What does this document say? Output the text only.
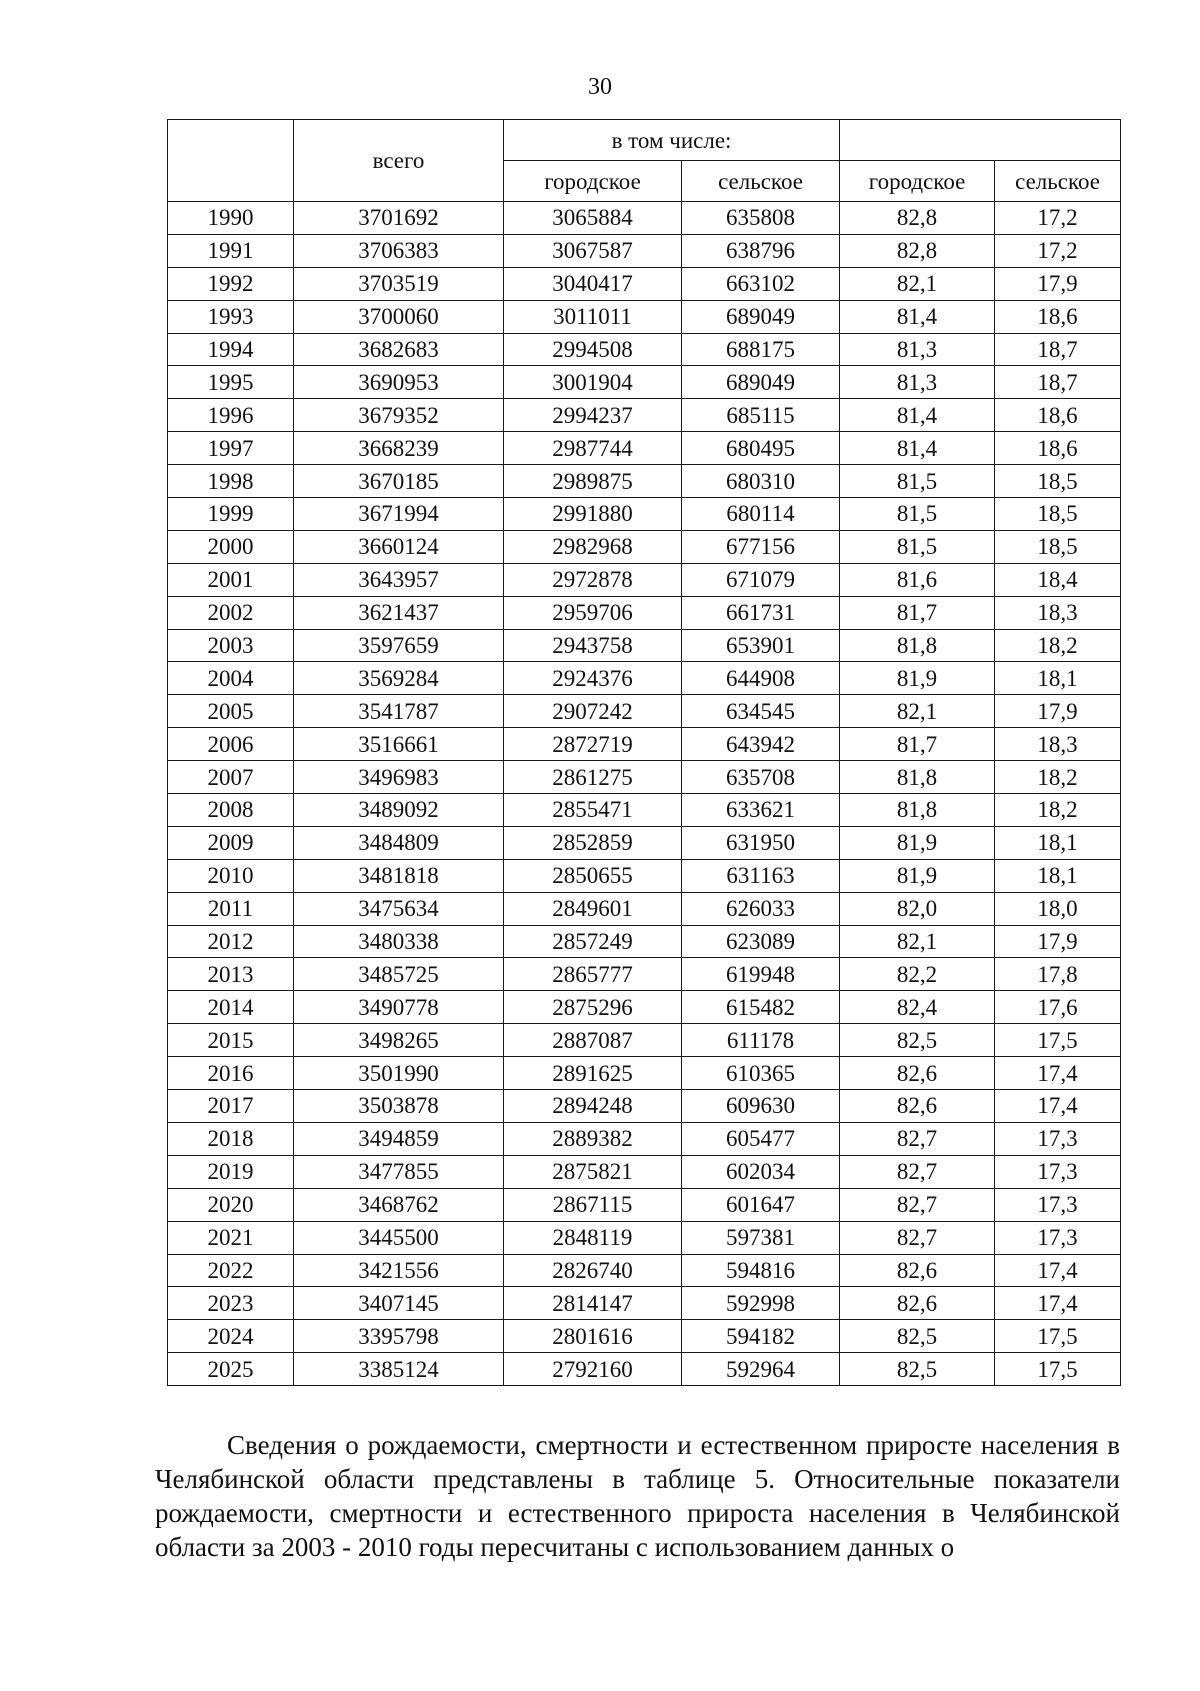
30
	всего	в том числе:			
		городское	сельское	городское	сельское
1990	3701692	3065884	635808	82,8	17,2
1991	3706383	3067587	638796	82,8	17,2
1992	3703519	3040417	663102	82,1	17,9
1993	3700060	3011011	689049	81,4	18,6
1994	3682683	2994508	688175	81,3	18,7
1995	3690953	3001904	689049	81,3	18,7
1996	3679352	2994237	685115	81,4	18,6
1997	3668239	2987744	680495	81,4	18,6
1998	3670185	2989875	680310	81,5	18,5
1999	3671994	2991880	680114	81,5	18,5
2000	3660124	2982968	677156	81,5	18,5
2001	3643957	2972878	671079	81,6	18,4
2002	3621437	2959706	661731	81,7	18,3
2003	3597659	2943758	653901	81,8	18,2
2004	3569284	2924376	644908	81,9	18,1
2005	3541787	2907242	634545	82,1	17,9
2006	3516661	2872719	643942	81,7	18,3
2007	3496983	2861275	635708	81,8	18,2
2008	3489092	2855471	633621	81,8	18,2
2009	3484809	2852859	631950	81,9	18,1
2010	3481818	2850655	631163	81,9	18,1
2011	3475634	2849601	626033	82,0	18,0
2012	3480338	2857249	623089	82,1	17,9
2013	3485725	2865777	619948	82,2	17,8
2014	3490778	2875296	615482	82,4	17,6
2015	3498265	2887087	611178	82,5	17,5
2016	3501990	2891625	610365	82,6	17,4
2017	3503878	2894248	609630	82,6	17,4
2018	3494859	2889382	605477	82,7	17,3
2019	3477855	2875821	602034	82,7	17,3
2020	3468762	2867115	601647	82,7	17,3
2021	3445500	2848119	597381	82,7	17,3
2022	3421556	2826740	594816	82,6	17,4
2023	3407145	2814147	592998	82,6	17,4
2024	3395798	2801616	594182	82,5	17,5
2025	3385124	2792160	592964	82,5	17,5

Сведения о рождаемости, смертности и естественном приросте населения в Челябинской области представлены в таблице 5. Относительные показатели рождаемости, смертности и естественного прироста населения в Челябинской области за 2003 - 2010 годы пересчитаны с использованием данных о
